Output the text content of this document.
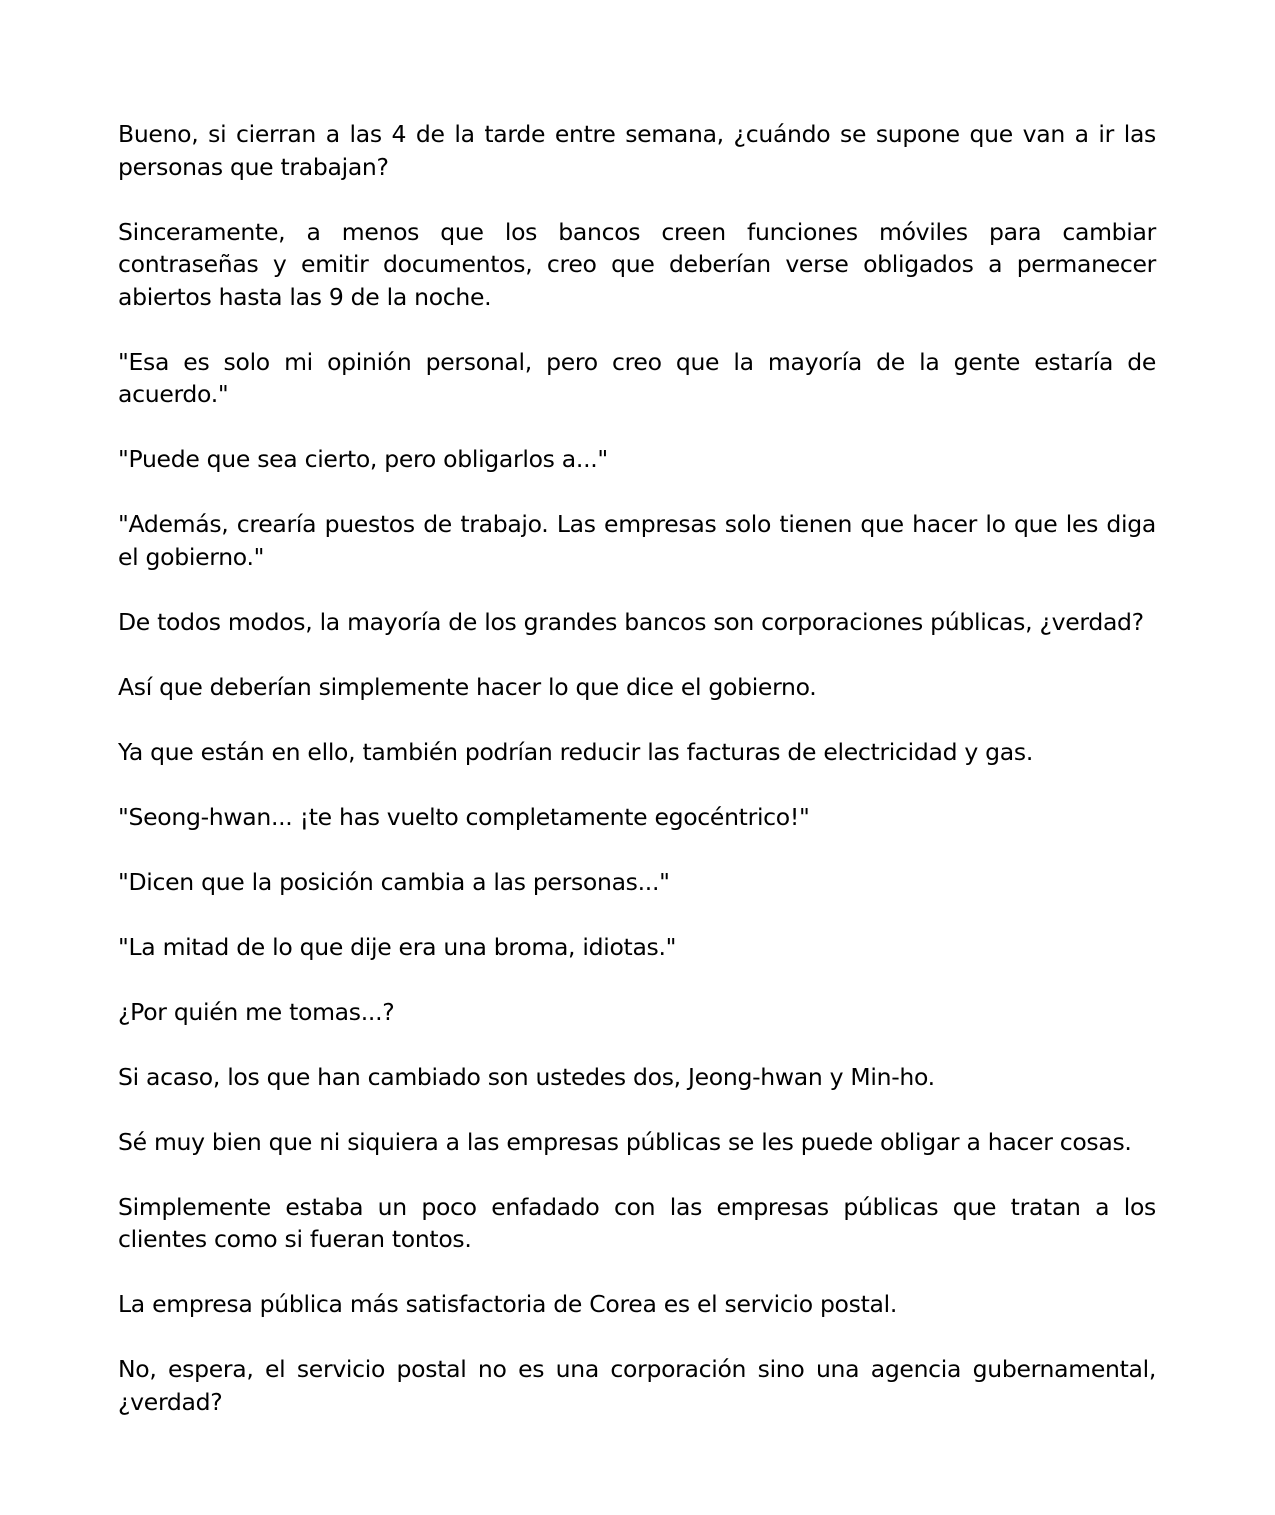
Bueno, si cierran a las 4 de la tarde entre semana, ¿cuándo se supone que van a ir las personas que trabajan?

Sinceramente, a menos que los bancos creen funciones móviles para cambiar contraseñas y emitir documentos, creo que deberían verse obligados a permanecer abiertos hasta las 9 de la noche.

"Esa es solo mi opinión personal, pero creo que la mayoría de la gente estaría de acuerdo."

"Puede que sea cierto, pero obligarlos a..."

"Además, crearía puestos de trabajo. Las empresas solo tienen que hacer lo que les diga el gobierno."

De todos modos, la mayoría de los grandes bancos son corporaciones públicas, ¿verdad?

Así que deberían simplemente hacer lo que dice el gobierno.

Ya que están en ello, también podrían reducir las facturas de electricidad y gas.

"Seong-hwan... ¡te has vuelto completamente egocéntrico!"

"Dicen que la posición cambia a las personas..."

"La mitad de lo que dije era una broma, idiotas."

¿Por quién me tomas...?

Si acaso, los que han cambiado son ustedes dos, Jeong-hwan y Min-ho.

Sé muy bien que ni siquiera a las empresas públicas se les puede obligar a hacer cosas.

Simplemente estaba un poco enfadado con las empresas públicas que tratan a los clientes como si fueran tontos.

La empresa pública más satisfactoria de Corea es el servicio postal.

No, espera, el servicio postal no es una corporación sino una agencia gubernamental, ¿verdad?
